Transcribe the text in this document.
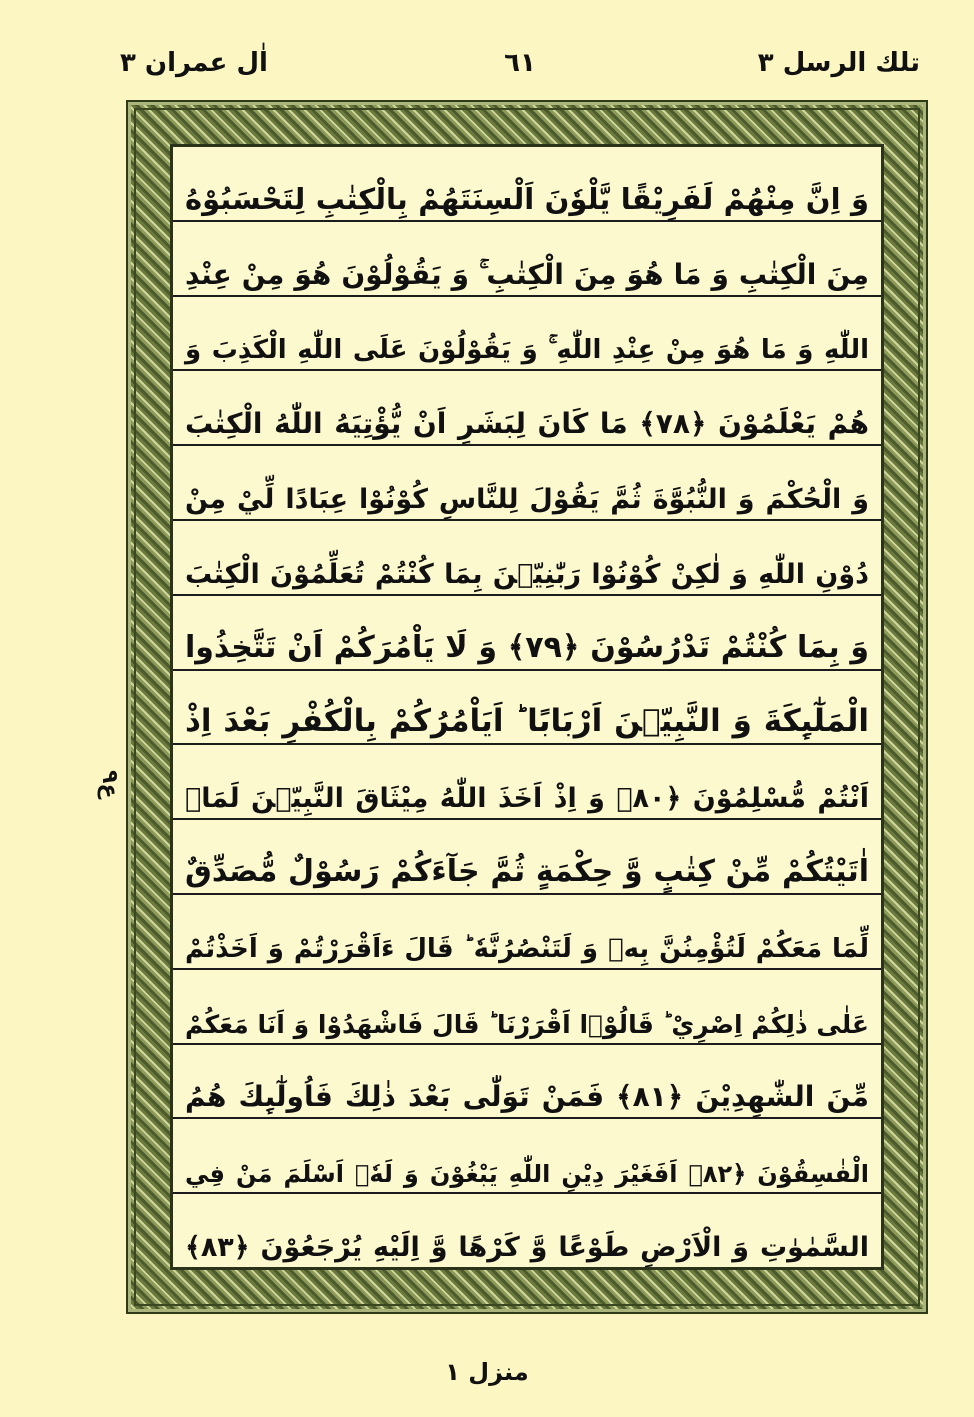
تلك الرسل ٣
٦١
اٰل عمران ٣
ع۹
وَ اِنَّ مِنْهُمْ لَفَرِيْقًا يَّلْوٗنَ اَلْسِنَتَهُمْ بِالْكِتٰبِ لِتَحْسَبُوْهُ
مِنَ الْكِتٰبِ وَ مَا هُوَ مِنَ الْكِتٰبِ ۚ وَ يَقُوْلُوْنَ هُوَ مِنْ عِنْدِ
اللّٰهِ وَ مَا هُوَ مِنْ عِنْدِ اللّٰهِ ۚ وَ يَقُوْلُوْنَ عَلَى اللّٰهِ الْكَذِبَ وَ
هُمْ يَعْلَمُوْنَ ﴿۷۸﴾ مَا كَانَ لِبَشَرٍ اَنْ يُّؤْتِيَهُ اللّٰهُ الْكِتٰبَ
وَ الْحُكْمَ وَ النُّبُوَّةَ ثُمَّ يَقُوْلَ لِلنَّاسِ كُوْنُوْا عِبَادًا لِّيْ مِنْ
دُوْنِ اللّٰهِ وَ لٰكِنْ كُوْنُوْا رَبّٰنِيّٖنَ بِمَا كُنْتُمْ تُعَلِّمُوْنَ الْكِتٰبَ
وَ بِمَا كُنْتُمْ تَدْرُسُوْنَ ﴿۷۹﴾ وَ لَا يَاْمُرَكُمْ اَنْ تَتَّخِذُوا
الْمَلٰٓىِٕكَةَ وَ النَّبِيّٖنَ اَرْبَابًا ؕ اَيَاْمُرُكُمْ بِالْكُفْرِ بَعْدَ اِذْ
اَنْتُمْ مُّسْلِمُوْنَ ﴿۸۰﴾ وَ اِذْ اَخَذَ اللّٰهُ مِيْثَاقَ النَّبِيّٖنَ لَمَاۤ
اٰتَيْتُكُمْ مِّنْ كِتٰبٍ وَّ حِكْمَةٍ ثُمَّ جَآءَكُمْ رَسُوْلٌ مُّصَدِّقٌ
لِّمَا مَعَكُمْ لَتُؤْمِنُنَّ بِهٖ وَ لَتَنْصُرُنَّهٗ ؕ قَالَ ءَاَقْرَرْتُمْ وَ اَخَذْتُمْ
عَلٰى ذٰلِكُمْ اِصْرِيْ ؕ قَالُوْۤا اَقْرَرْنَا ؕ قَالَ فَاشْهَدُوْا وَ اَنَا مَعَكُمْ
مِّنَ الشّٰهِدِيْنَ ﴿۸۱﴾ فَمَنْ تَوَلّٰى بَعْدَ ذٰلِكَ فَاُولٰٓىِٕكَ هُمُ
الْفٰسِقُوْنَ ﴿۸۲﴾ اَفَغَيْرَ دِيْنِ اللّٰهِ يَبْغُوْنَ وَ لَهٗۤ اَسْلَمَ مَنْ فِي
السَّمٰوٰتِ وَ الْاَرْضِ طَوْعًا وَّ كَرْهًا وَّ اِلَيْهِ يُرْجَعُوْنَ ﴿۸۳﴾
منزل ١
